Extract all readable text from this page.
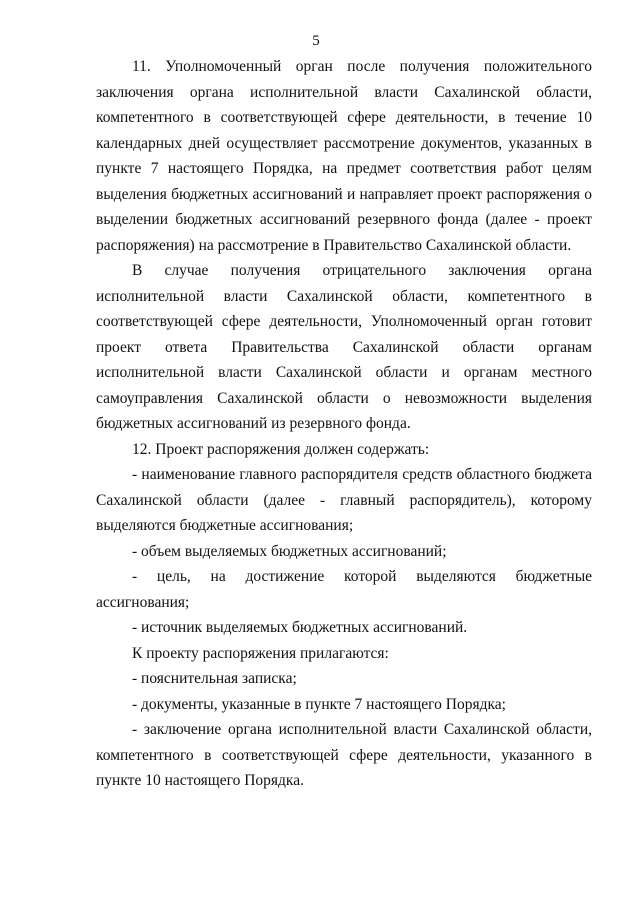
5

11. Уполномоченный орган после получения положительного заключения органа исполнительной власти Сахалинской области, компетентного в соответствующей сфере деятельности, в течение 10 календарных дней осуществляет рассмотрение документов, указанных в пункте 7 настоящего Порядка, на предмет соответствия работ целям выделения бюджетных ассигнований и направляет проект распоряжения о выделении бюджетных ассигнований резервного фонда (далее - проект распоряжения) на рассмотрение в Правительство Сахалинской области.

В случае получения отрицательного заключения органа исполнительной власти Сахалинской области, компетентного в соответствующей сфере деятельности, Уполномоченный орган готовит проект ответа Правительства Сахалинской области органам исполнительной власти Сахалинской области и органам местного самоуправления Сахалинской области о невозможности выделения бюджетных ассигнований из резервного фонда.

12. Проект распоряжения должен содержать:

- наименование главного распорядителя средств областного бюджета Сахалинской области (далее - главный распорядитель), которому выделяются бюджетные ассигнования;

- объем выделяемых бюджетных ассигнований;

- цель, на достижение которой выделяются бюджетные ассигнования;

- источник выделяемых бюджетных ассигнований.

К проекту распоряжения прилагаются:

- пояснительная записка;

- документы, указанные в пункте 7 настоящего Порядка;

- заключение органа исполнительной власти Сахалинской области, компетентного в соответствующей сфере деятельности, указанного в пункте 10 настоящего Порядка.
